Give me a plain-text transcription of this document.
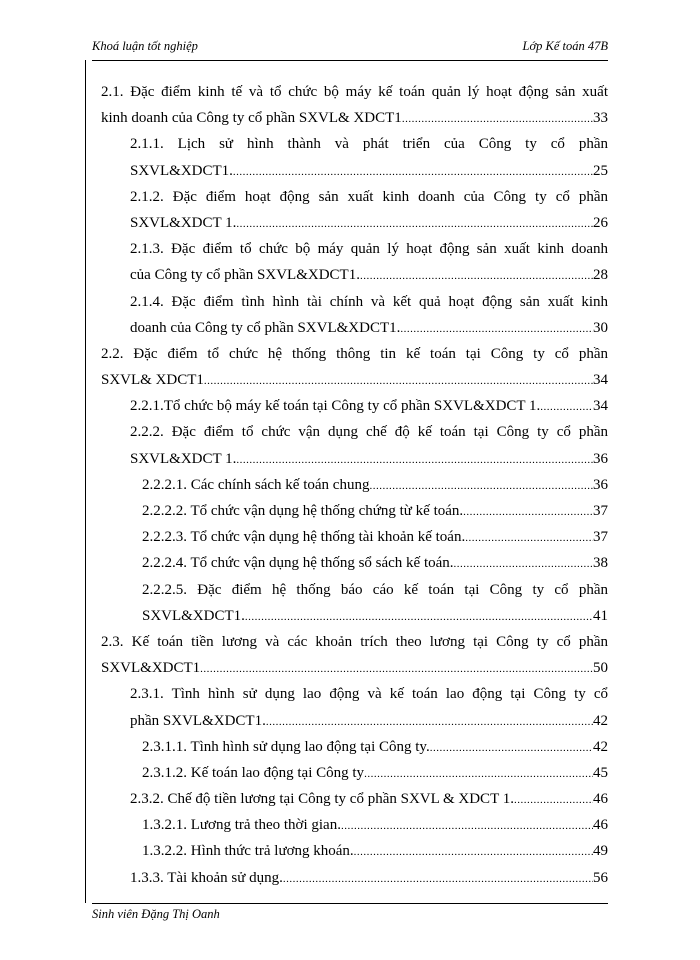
Khoá luận tốt nghiệp	Lớp Kế toán 47B
2.1. Đặc điểm kinh tế và tổ chức bộ máy kế toán quản lý hoạt động sản xuất
kinh doanh của Công ty cổ phần SXVL& XDCT1 .....	33
2.1.1. Lịch sử hình thành và phát triển của Công ty cổ phần
SXVL&XDCT1. .....	25
2.1.2. Đặc điểm hoạt động sản xuất kinh doanh của Công ty cổ phần
SXVL&XDCT 1. .....	26
2.1.3. Đặc điểm tổ chức bộ máy quản lý hoạt động sản xuất kinh doanh
của Công ty cổ phần SXVL&XDCT1. .....	28
2.1.4. Đặc điểm tình hình tài chính và kết quả hoạt động sản xuất kinh
doanh của Công ty cổ phần SXVL&XDCT1. .....	30
2.2. Đặc điểm tổ chức hệ thống thông tin kế toán tại Công ty cổ phần
SXVL& XDCT1 .....	34
2.2.1.Tổ chức bộ máy kế toán tại Công ty cổ phần SXVL&XDCT 1. .....	34
2.2.2. Đặc điểm tổ chức vận dụng chế độ kế toán tại Công ty cổ phần
SXVL&XDCT 1. .....	36
2.2.2.1. Các chính sách kế toán chung .....	36
2.2.2.2. Tổ chức vận dụng hệ thống chứng từ kế toán. .....	37
2.2.2.3. Tổ chức vận dụng hệ thống tài khoản kế toán. .....	37
2.2.2.4. Tổ chức vận dụng hệ thống sổ sách kế toán. .....	38
2.2.2.5. Đặc điểm hệ thống báo cáo kế toán tại Công ty cổ phần
SXVL&XDCT1. .....	41
2.3. Kế toán tiền lương và các khoản trích theo lương tại Công ty cổ phần
SXVL&XDCT1 .....	50
2.3.1. Tình hình sử dụng lao động và kế toán lao động tại Công ty cổ
phần SXVL&XDCT1. .....	42
2.3.1.1. Tình hình sử dụng lao động tại Công ty. .....	42
2.3.1.2. Kế toán lao động tại Công ty .....	45
2.3.2. Chế độ tiền lương tại Công ty cổ phần SXVL & XDCT 1. .....	46
1.3.2.1. Lương trả theo thời gian. .....	46
1.3.2.2. Hình thức trả lương khoán. .....	49
1.3.3. Tài khoản sử dụng. .....	56
Sinh viên Đặng Thị Oanh
